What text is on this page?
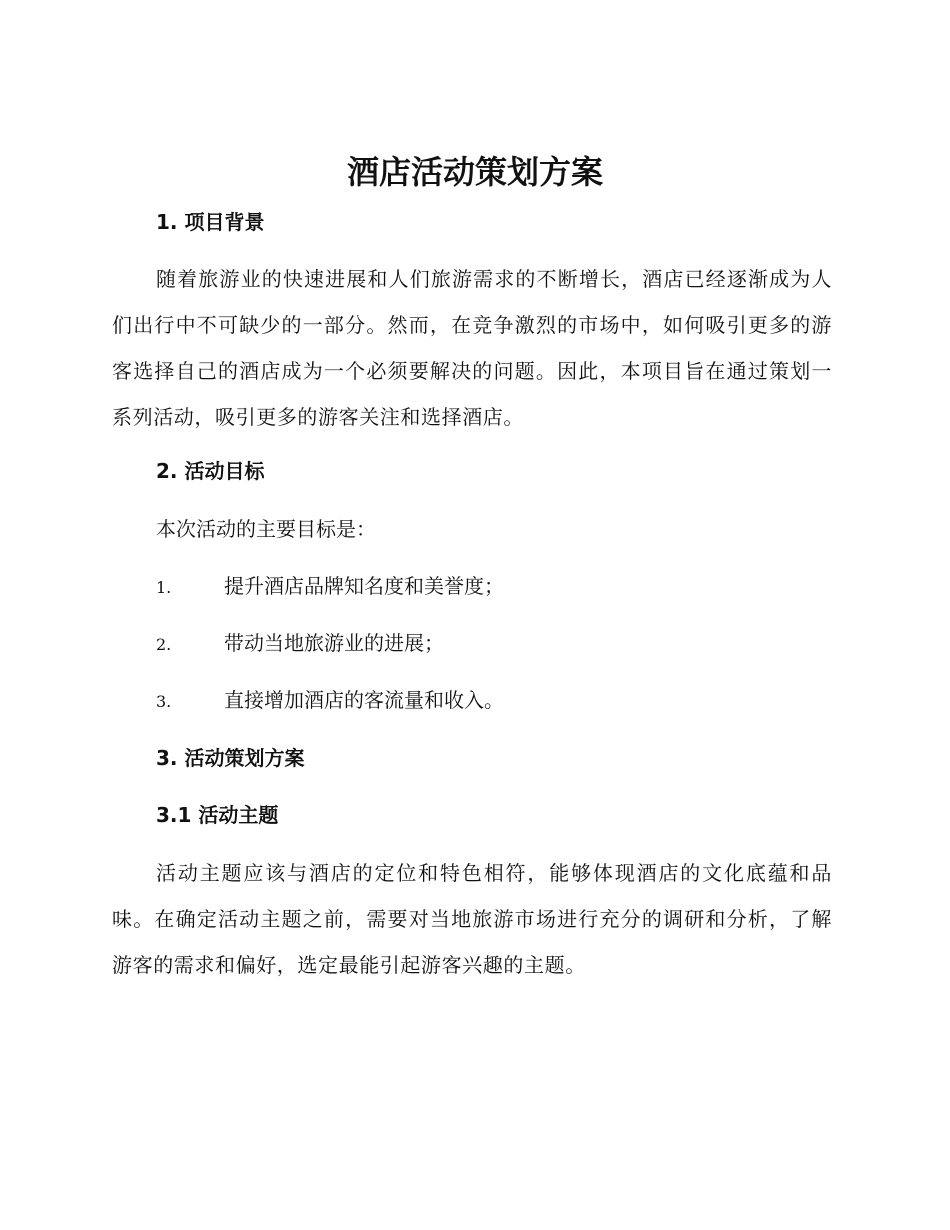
酒店活动策划方案
1. 项目背景
随着旅游业的快速进展和人们旅游需求的不断增长，酒店已经逐渐成为人们出行中不可缺少的一部分。然而，在竞争激烈的市场中，如何吸引更多的游客选择自己的酒店成为一个必须要解决的问题。因此，本项目旨在通过策划一系列活动，吸引更多的游客关注和选择酒店。
2. 活动目标
本次活动的主要目标是：
1.	提升酒店品牌知名度和美誉度；
2.	带动当地旅游业的进展；
3.	直接增加酒店的客流量和收入。
3. 活动策划方案
3.1 活动主题
活动主题应该与酒店的定位和特色相符，能够体现酒店的文化底蕴和品味。在确定活动主题之前，需要对当地旅游市场进行充分的调研和分析，了解游客的需求和偏好，选定最能引起游客兴趣的主题。
